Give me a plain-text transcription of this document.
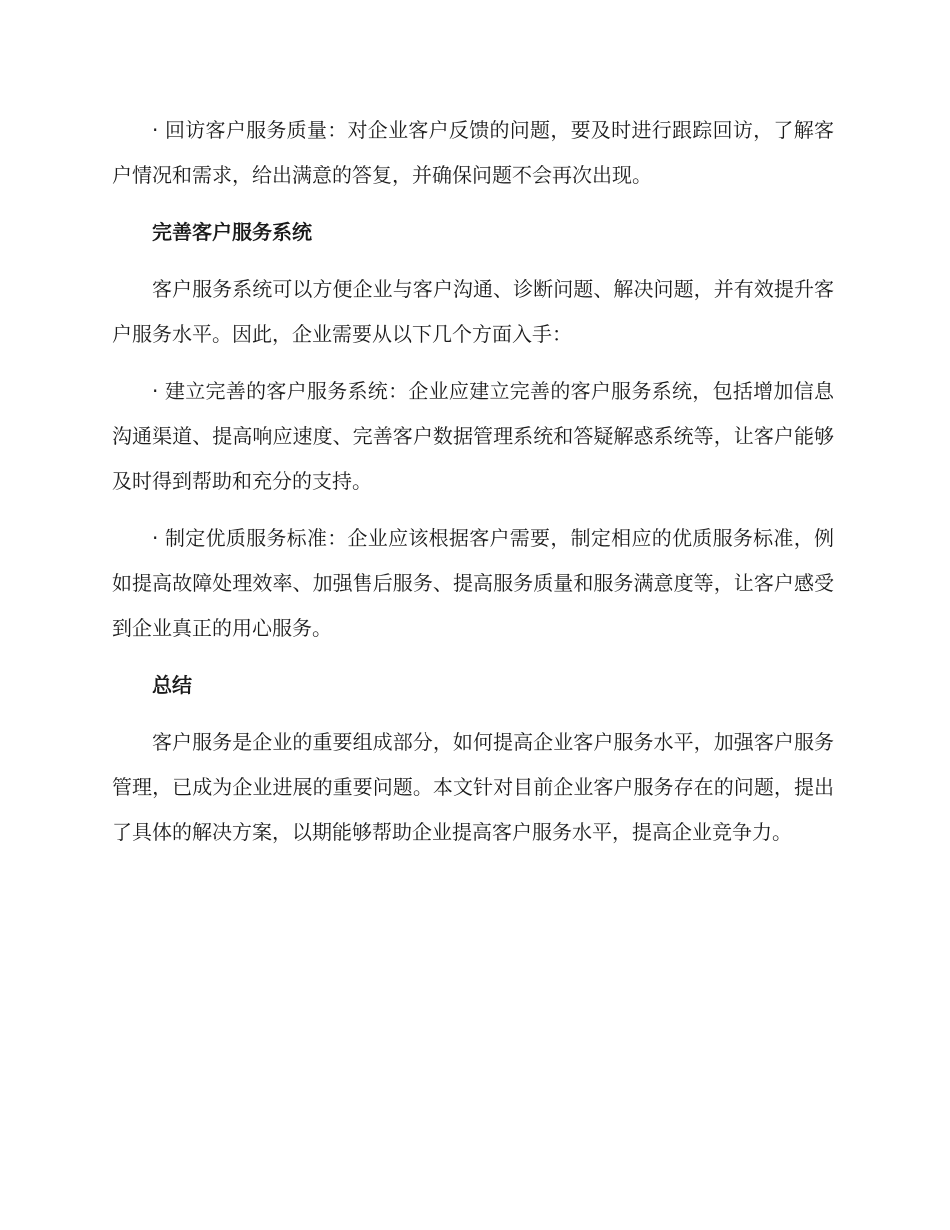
· 回访客户服务质量：对企业客户反馈的问题，要及时进行跟踪回访，了解客户情况和需求，给出满意的答复，并确保问题不会再次出现。

完善客户服务系统

客户服务系统可以方便企业与客户沟通、诊断问题、解决问题，并有效提升客户服务水平。因此，企业需要从以下几个方面入手：

· 建立完善的客户服务系统：企业应建立完善的客户服务系统，包括增加信息沟通渠道、提高响应速度、完善客户数据管理系统和答疑解惑系统等，让客户能够及时得到帮助和充分的支持。

· 制定优质服务标准：企业应该根据客户需要，制定相应的优质服务标准，例如提高故障处理效率、加强售后服务、提高服务质量和服务满意度等，让客户感受到企业真正的用心服务。

总结

客户服务是企业的重要组成部分，如何提高企业客户服务水平，加强客户服务管理，已成为企业进展的重要问题。本文针对目前企业客户服务存在的问题，提出了具体的解决方案，以期能够帮助企业提高客户服务水平，提高企业竞争力。
